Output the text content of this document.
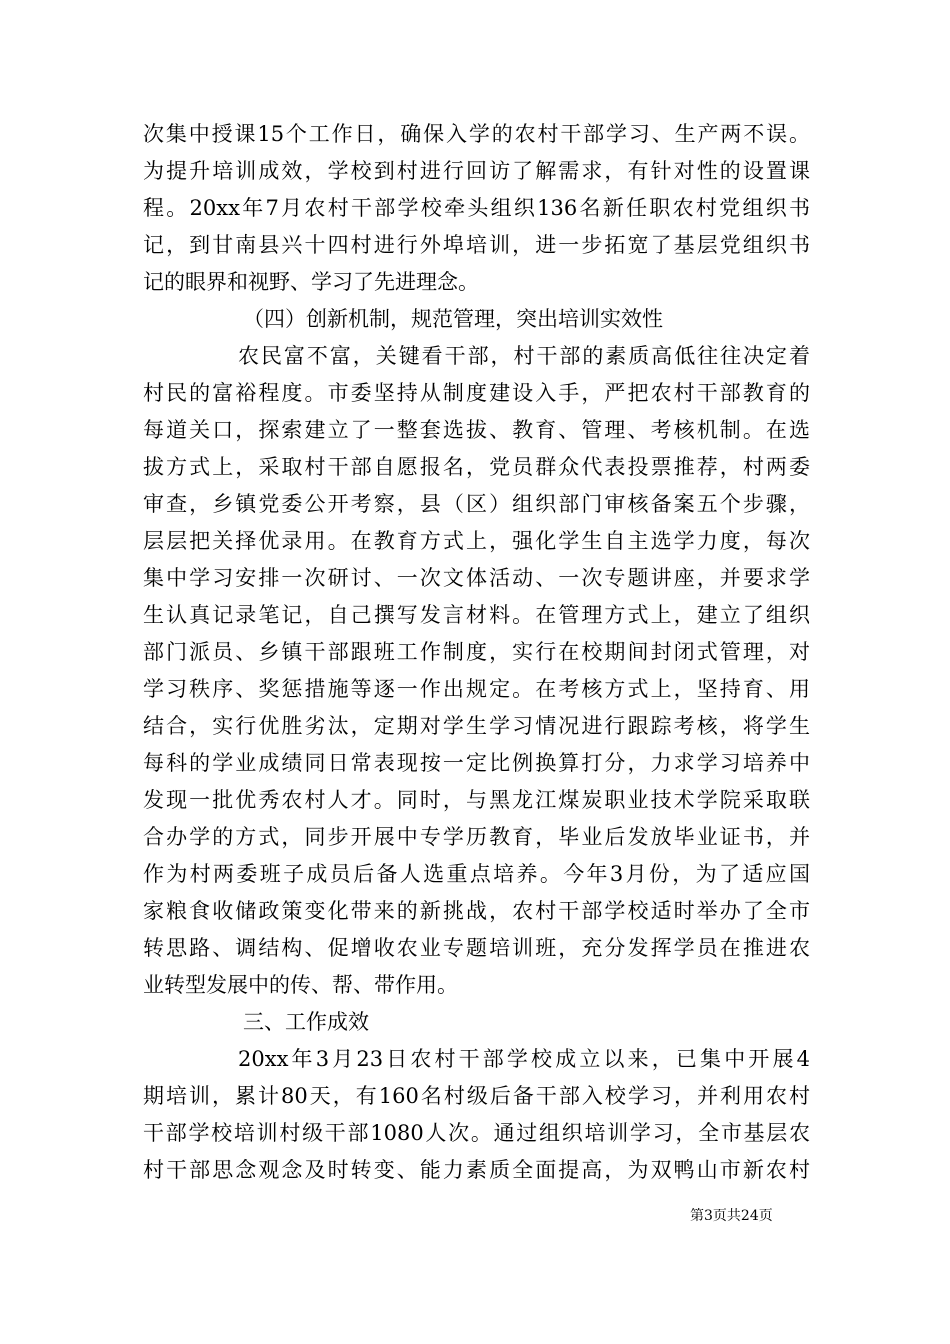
次集中授课15个工作日，确保入学的农村干部学习、生产两不误。
为提升培训成效，学校到村进行回访了解需求，有针对性的设置课
程。20xx年7月农村干部学校牵头组织136名新任职农村党组织书
记，到甘南县兴十四村进行外埠培训，进一步拓宽了基层党组织书
记的眼界和视野、学习了先进理念。
（四）创新机制，规范管理，突出培训实效性
农民富不富，关键看干部，村干部的素质高低往往决定着
村民的富裕程度。市委坚持从制度建设入手，严把农村干部教育的
每道关口，探索建立了一整套选拔、教育、管理、考核机制。在选
拔方式上，采取村干部自愿报名，党员群众代表投票推荐，村两委
审查，乡镇党委公开考察，县（区）组织部门审核备案五个步骤，
层层把关择优录用。在教育方式上，强化学生自主选学力度，每次
集中学习安排一次研讨、一次文体活动、一次专题讲座，并要求学
生认真记录笔记，自己撰写发言材料。在管理方式上，建立了组织
部门派员、乡镇干部跟班工作制度，实行在校期间封闭式管理，对
学习秩序、奖惩措施等逐一作出规定。在考核方式上，坚持育、用
结合，实行优胜劣汰，定期对学生学习情况进行跟踪考核，将学生
每科的学业成绩同日常表现按一定比例换算打分，力求学习培养中
发现一批优秀农村人才。同时，与黑龙江煤炭职业技术学院采取联
合办学的方式，同步开展中专学历教育，毕业后发放毕业证书，并
作为村两委班子成员后备人选重点培养。今年3月份，为了适应国
家粮食收储政策变化带来的新挑战，农村干部学校适时举办了全市
转思路、调结构、促增收农业专题培训班，充分发挥学员在推进农
业转型发展中的传、帮、带作用。
三、工作成效
20xx年3月23日农村干部学校成立以来，已集中开展4
期培训，累计80天，有160名村级后备干部入校学习，并利用农村
干部学校培训村级干部1080人次。通过组织培训学习，全市基层农
村干部思念观念及时转变、能力素质全面提高，为双鸭山市新农村
第3页共24页
